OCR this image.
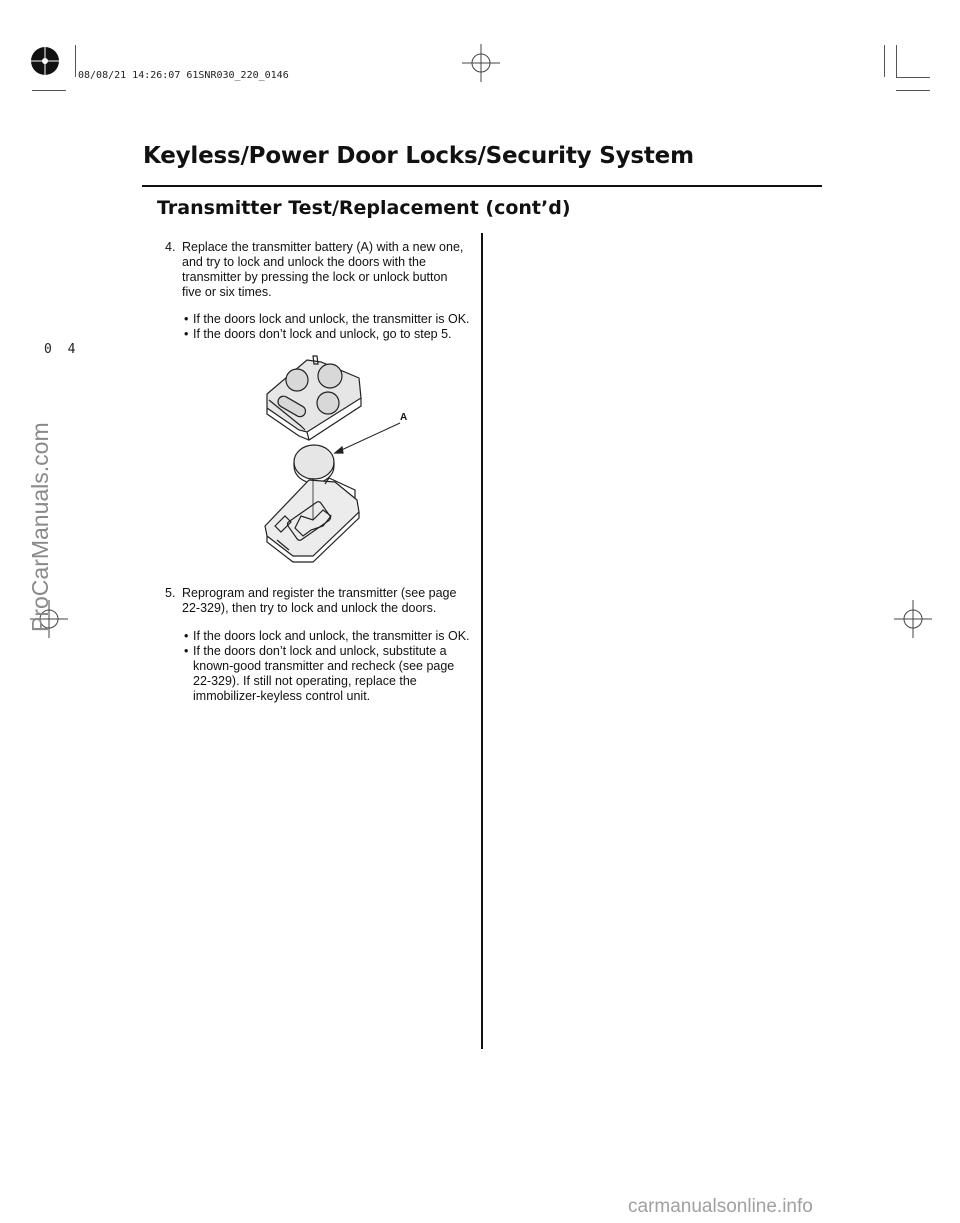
08/08/21 14:26:07 61SNR030_220_0146
Keyless/Power Door Locks/Security System
Transmitter Test/Replacement (cont’d)
0 4
4. Replace the transmitter battery (A) with a new one,
and try to lock and unlock the doors with the
transmitter by pressing the lock or unlock button
five or six times.
• If the doors lock and unlock, the transmitter is OK.
• If the doors don’t lock and unlock, go to step 5.
A
5. Reprogram and register the transmitter (see page
22-329), then try to lock and unlock the doors.
• If the doors lock and unlock, the transmitter is OK.
• If the doors don’t lock and unlock, substitute a
known-good transmitter and recheck (see page
22-329). If still not operating, replace the
immobilizer-keyless control unit.
ProCarManuals.com
carmanualsonline.info
